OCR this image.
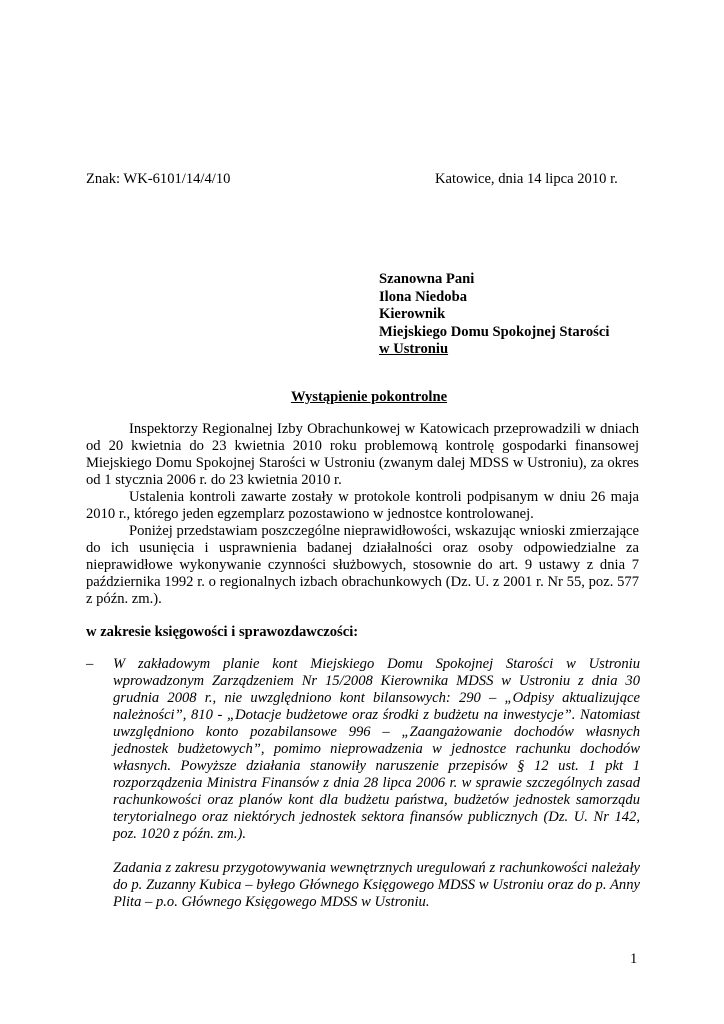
Znak: WK-6101/14/4/10	Katowice, dnia 14 lipca 2010 r.
Szanowna Pani
Ilona Niedoba
Kierownik
Miejskiego Domu Spokojnej Starości
w Ustroniu
Wystąpienie pokontrolne

Inspektorzy Regionalnej Izby Obrachunkowej w Katowicach przeprowadzili w dniach od 20 kwietnia do 23 kwietnia 2010 roku problemową kontrolę gospodarki finansowej Miejskiego Domu Spokojnej Starości w Ustroniu (zwanym dalej MDSS w Ustroniu), za okres od 1 stycznia 2006 r. do 23 kwietnia 2010 r.

Ustalenia kontroli zawarte zostały w protokole kontroli podpisanym w dniu 26 maja 2010 r., którego jeden egzemplarz pozostawiono w jednostce kontrolowanej.

Poniżej przedstawiam poszczególne nieprawidłowości, wskazując wnioski zmierzające do ich usunięcia i usprawnienia badanej działalności oraz osoby odpowiedzialne za nieprawidłowe wykonywanie czynności służbowych, stosownie do art. 9 ustawy z dnia 7 października 1992 r. o regionalnych izbach obrachunkowych (Dz. U. z 2001 r. Nr 55, poz. 577 z późn. zm.).

w zakresie księgowości i sprawozdawczości:
– W zakładowym planie kont Miejskiego Domu Spokojnej Starości w Ustroniu wprowadzonym Zarządzeniem Nr 15/2008 Kierownika MDSS w Ustroniu z dnia 30 grudnia 2008 r., nie uwzględniono kont bilansowych: 290 – „Odpisy aktualizujące należności”, 810 - „Dotacje budżetowe oraz środki z budżetu na inwestycje”. Natomiast uwzględniono konto pozabilansowe 996 – „Zaangażowanie dochodów własnych jednostek budżetowych”, pomimo nieprowadzenia w jednostce rachunku dochodów własnych. Powyższe działania stanowiły naruszenie przepisów § 12 ust. 1 pkt 1 rozporządzenia Ministra Finansów z dnia 28 lipca 2006 r. w sprawie szczególnych zasad rachunkowości oraz planów kont dla budżetu państwa, budżetów jednostek samorządu terytorialnego oraz niektórych jednostek sektora finansów publicznych (Dz. U. Nr 142, poz. 1020 z późn. zm.).

Zadania z zakresu przygotowywania wewnętrznych uregulowań z rachunkowości należały do p. Zuzanny Kubica – byłego Głównego Księgowego MDSS w Ustroniu oraz do p. Anny Plita – p.o. Głównego Księgowego MDSS w Ustroniu.

1
